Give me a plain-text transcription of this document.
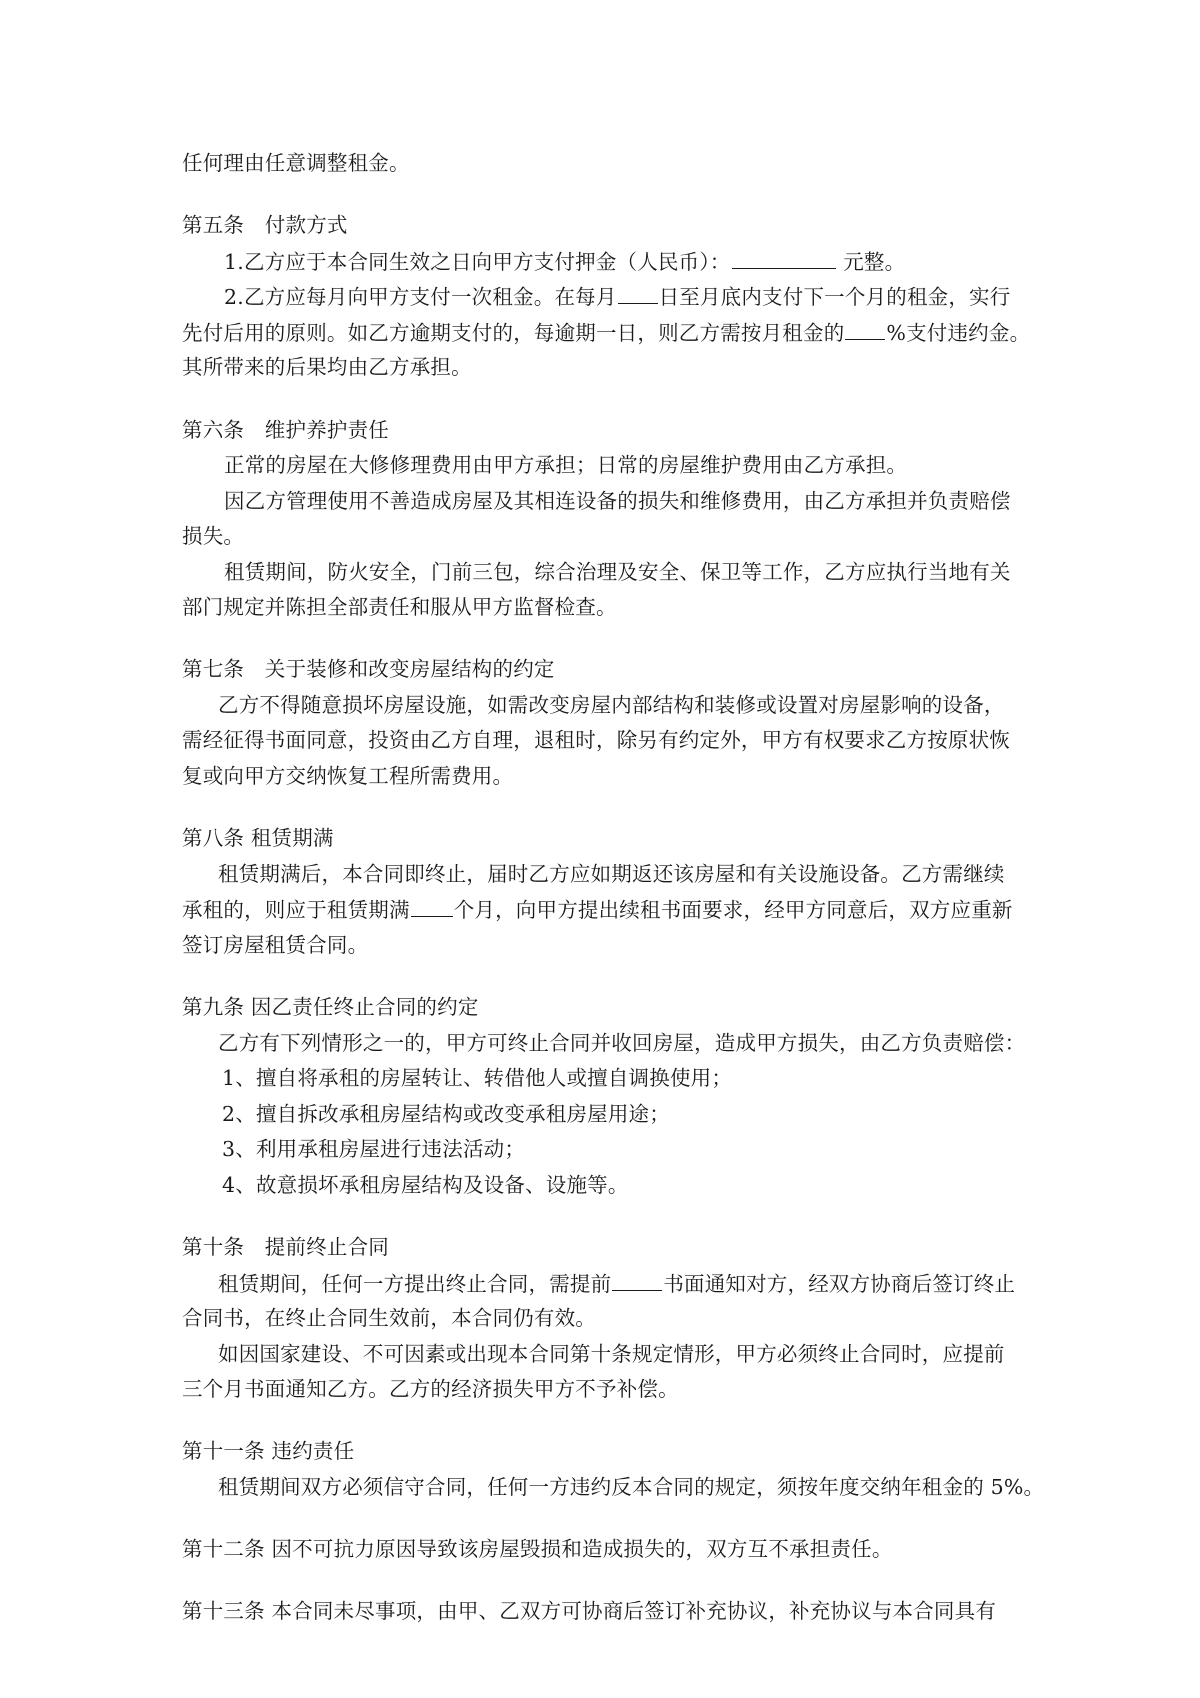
任何理由任意调整租金。
第五条　付款方式
1.乙方应于本合同生效之日向甲方支付押金（人民币）：	元整。
2.乙方应每月向甲方支付一次租金。在每月 日至月底内支付下一个月的租金，实行
先付后用的原则。如乙方逾期支付的，每逾期一日，则乙方需按月租金的 %支付违约金。
其所带来的后果均由乙方承担。
第六条　维护养护责任
正常的房屋在大修修理费用由甲方承担；日常的房屋维护费用由乙方承担。
因乙方管理使用不善造成房屋及其相连设备的损失和维修费用，由乙方承担并负责赔偿
损失。
租赁期间，防火安全，门前三包，综合治理及安全、保卫等工作，乙方应执行当地有关
部门规定并陈担全部责任和服从甲方监督检查。
第七条　关于装修和改变房屋结构的约定
乙方不得随意损坏房屋设施，如需改变房屋内部结构和装修或设置对房屋影响的设备，
需经征得书面同意，投资由乙方自理，退租时，除另有约定外，甲方有权要求乙方按原状恢
复或向甲方交纳恢复工程所需费用。
第八条 租赁期满
租赁期满后，本合同即终止，届时乙方应如期返还该房屋和有关设施设备。乙方需继续
承租的，则应于租赁期满 个月，向甲方提出续租书面要求，经甲方同意后，双方应重新
签订房屋租赁合同。
第九条 因乙责任终止合同的约定
乙方有下列情形之一的，甲方可终止合同并收回房屋，造成甲方损失，由乙方负责赔偿：
1、擅自将承租的房屋转让、转借他人或擅自调换使用；
2、擅自拆改承租房屋结构或改变承租房屋用途；
3、利用承租房屋进行违法活动；
4、故意损坏承租房屋结构及设备、设施等。
第十条　提前终止合同
租赁期间，任何一方提出终止合同，需提前	书面通知对方，经双方协商后签订终止
合同书，在终止合同生效前，本合同仍有效。
如因国家建设、不可因素或出现本合同第十条规定情形，甲方必须终止合同时，应提前
三个月书面通知乙方。乙方的经济损失甲方不予补偿。
第十一条 违约责任
租赁期间双方必须信守合同，任何一方违约反本合同的规定，须按年度交纳年租金的 5%。
第十二条 因不可抗力原因导致该房屋毁损和造成损失的，双方互不承担责任。
第十三条 本合同未尽事项，由甲、乙双方可协商后签订补充协议，补充协议与本合同具有
